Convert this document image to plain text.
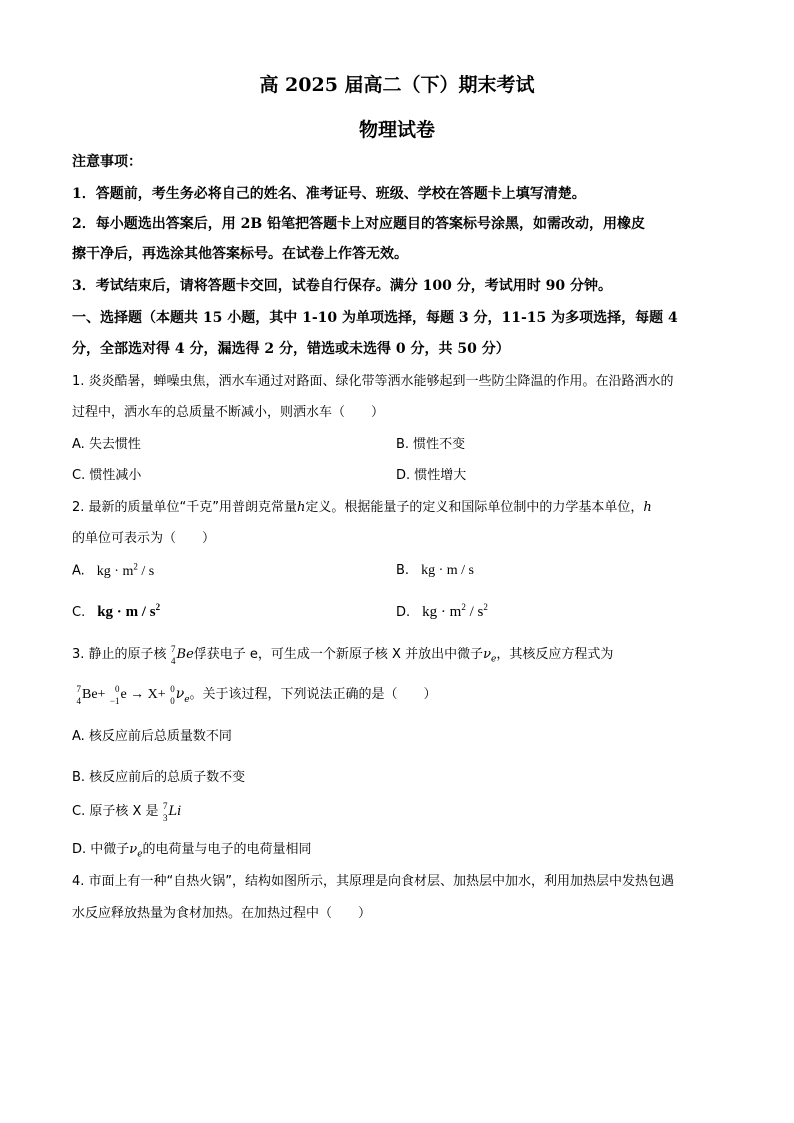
高 2025 届高二（下）期末考试
物理试卷
注意事项：
1．答题前，考生务必将自己的姓名、准考证号、班级、学校在答题卡上填写清楚。
2．每小题选出答案后，用 2B 铅笔把答题卡上对应题目的答案标号涂黑，如需改动，用橡皮
擦干净后，再选涂其他答案标号。在试卷上作答无效。
3．考试结束后，请将答题卡交回，试卷自行保存。满分 100 分，考试用时 90 分钟。
一、选择题（本题共 15 小题，其中 1-10 为单项选择，每题 3 分，11-15 为多项选择，每题 4
分，全部选对得 4 分，漏选得 2 分，错选或未选得 0 分，共 50 分）
1. 炎炎酷暑，蝉噪虫焦，洒水车通过对路面、绿化带等洒水能够起到一些防尘降温的作用。在沿路洒水的
过程中，洒水车的总质量不断减小，则洒水车（　　）
A. 失去惯性	B. 惯性不变
C. 惯性减小	D. 惯性增大
2. 最新的质量单位“千克”用普朗克常量h定义。根据能量子的定义和国际单位制中的力学基本单位，h
的单位可表示为（　　）
A. kg · $m^2$ / s	B. kg · m / s
C. kg · m / $s^2$	D. kg · $m^2 / s^2$
3. 静止的原子核 7
4 Be俘获电子 e，可生成一个新原子核 X 并放出中微子$\nu_e$，其核反应方程式为
7
4 Be+ 0
−1 e → X+ 0
0 $\nu_e$。关于该过程，下列说法正确的是（　　）
A. 核反应前后总质量数不同
B. 核反应前后的总质子数不变
C. 原子核 X 是 7
3 Li
D. 中微子$\nu_e$的电荷量与电子的电荷量相同
4. 市面上有一种“自热火锅”，结构如图所示，其原理是向食材层、加热层中加水，利用加热层中发热包遇
水反应释放热量为食材加热。在加热过程中（　　）
